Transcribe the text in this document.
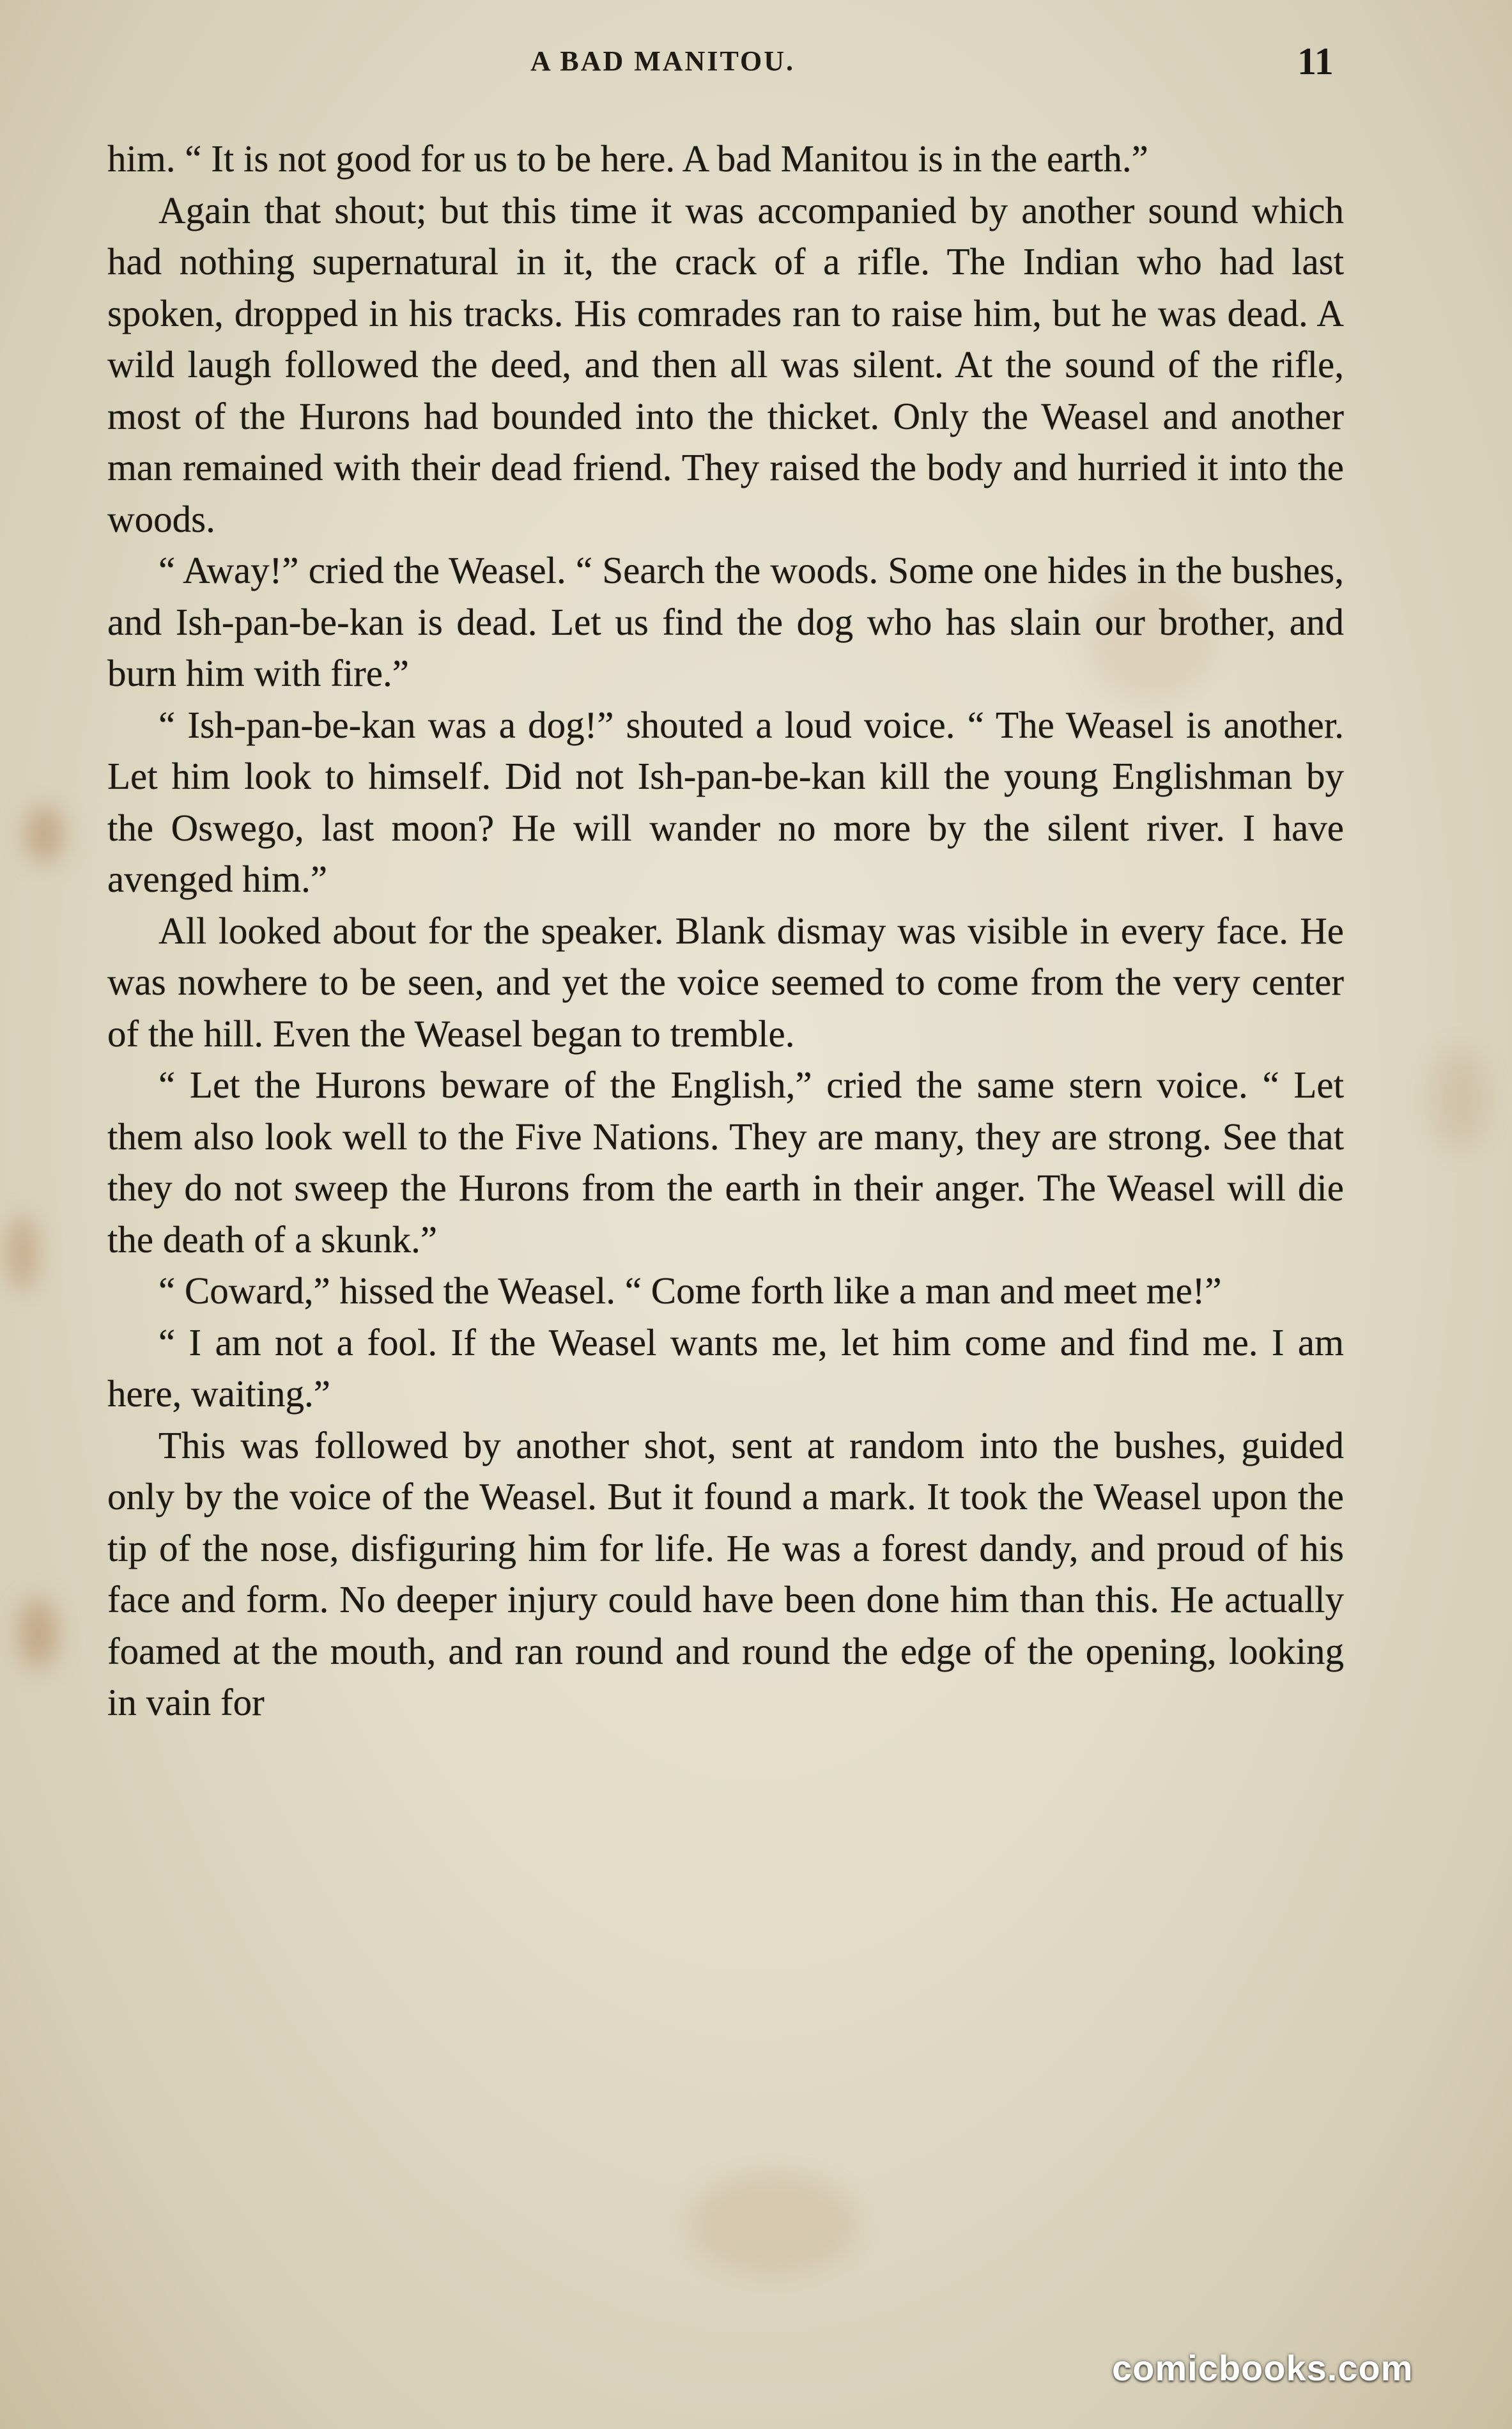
A BAD MANITOU.	11

him. “ It is not good for us to be here. A bad Manitou is in the earth.”

Again that shout; but this time it was accompanied by another sound which had nothing supernatural in it, the crack of a rifle. The Indian who had last spoken, dropped in his tracks. His comrades ran to raise him, but he was dead. A wild laugh followed the deed, and then all was silent. At the sound of the rifle, most of the Hurons had bounded into the thicket. Only the Weasel and another man remained with their dead friend. They raised the body and hurried it into the woods.

“ Away!” cried the Weasel. “ Search the woods. Some one hides in the bushes, and Ish-pan-be-kan is dead. Let us find the dog who has slain our brother, and burn him with fire.”

“ Ish-pan-be-kan was a dog!” shouted a loud voice. “ The Weasel is another. Let him look to himself. Did not Ish-pan-be-kan kill the young Englishman by the Oswego, last moon? He will wander no more by the silent river. I have avenged him.”

All looked about for the speaker. Blank dismay was visible in every face. He was nowhere to be seen, and yet the voice seemed to come from the very center of the hill. Even the Weasel began to tremble.

“ Let the Hurons beware of the English,” cried the same stern voice. “ Let them also look well to the Five Nations. They are many, they are strong. See that they do not sweep the Hurons from the earth in their anger. The Weasel will die the death of a skunk.”

“ Coward,” hissed the Weasel. “ Come forth like a man and meet me!”

“ I am not a fool. If the Weasel wants me, let him come and find me. I am here, waiting.”

This was followed by another shot, sent at random into the bushes, guided only by the voice of the Weasel. But it found a mark. It took the Weasel upon the tip of the nose, disfiguring him for life. He was a forest dandy, and proud of his face and form. No deeper injury could have been done him than this. He actually foamed at the mouth, and ran round and round the edge of the opening, looking in vain for

comicbooks.com
